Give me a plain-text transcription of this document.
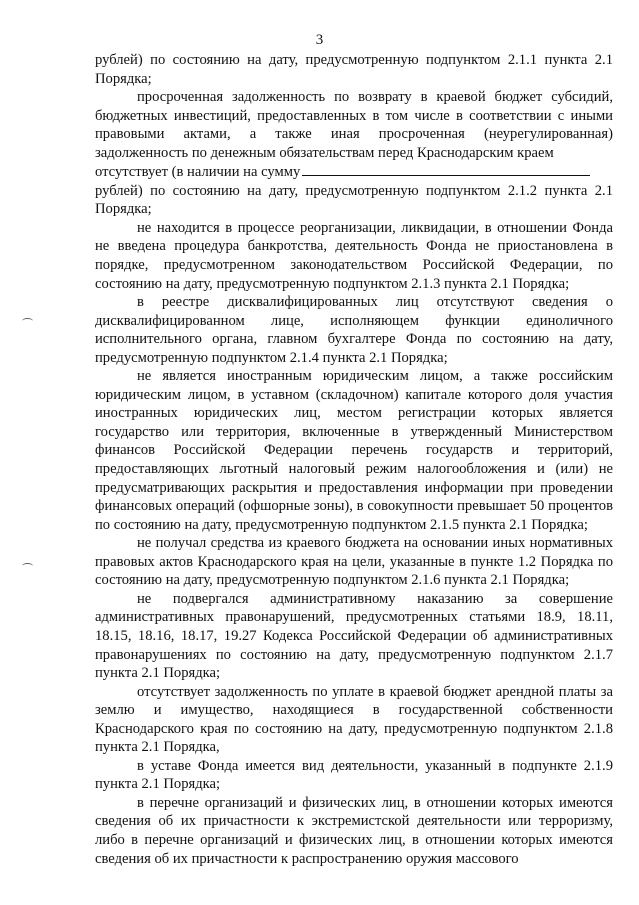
3

рублей) по состоянию на дату, предусмотренную подпунктом 2.1.1 пункта 2.1 Порядка;

просроченная задолженность по возврату в краевой бюджет субсидий, бюджетных инвестиций, предоставленных в том числе в соответствии с иными правовыми актами, а также иная просроченная (неурегулированная) задолженность по денежным обязательствам перед Краснодарским краем

отсутствует (в наличии на сумму

рублей) по состоянию на дату, предусмотренную подпунктом 2.1.2 пункта 2.1 Порядка;

не находится в процессе реорганизации, ликвидации, в отношении Фонда не введена процедура банкротства, деятельность Фонда не приостановлена в порядке, предусмотренном законодательством Российской Федерации, по состоянию на дату, предусмотренную подпунктом 2.1.3 пункта 2.1 Порядка;

в реестре дисквалифицированных лиц отсутствуют сведения о дисквалифицированном лице, исполняющем функции единоличного исполнительного органа, главном бухгалтере Фонда по состоянию на дату, предусмотренную подпунктом 2.1.4 пункта 2.1 Порядка;

не является иностранным юридическим лицом, а также российским юридическим лицом, в уставном (складочном) капитале которого доля участия иностранных юридических лиц, местом регистрации которых является государство или территория, включенные в утвержденный Министерством финансов Российской Федерации перечень государств и территорий, предоставляющих льготный налоговый режим налогообложения и (или) не предусматривающих раскрытия и предоставления информации при проведении финансовых операций (офшорные зоны), в совокупности превышает 50 процентов по состоянию на дату, предусмотренную подпунктом 2.1.5 пункта 2.1 Порядка;

не получал средства из краевого бюджета на основании иных нормативных правовых актов Краснодарского края на цели, указанные в пункте 1.2 Порядка по состоянию на дату, предусмотренную подпунктом 2.1.6 пункта 2.1 Порядка;

не подвергался административному наказанию за совершение административных правонарушений, предусмотренных статьями 18.9, 18.11, 18.15, 18.16, 18.17, 19.27 Кодекса Российской Федерации об административных правонарушениях по состоянию на дату, предусмотренную подпунктом 2.1.7 пункта 2.1 Порядка;

отсутствует задолженность по уплате в краевой бюджет арендной платы за землю и имущество, находящиеся в государственной собственности Краснодарского края по состоянию на дату, предусмотренную подпунктом 2.1.8 пункта 2.1 Порядка,

в уставе Фонда имеется вид деятельности, указанный в подпункте 2.1.9 пункта 2.1 Порядка;

в перечне организаций и физических лиц, в отношении которых имеются сведения об их причастности к экстремистской деятельности или терроризму, либо в перечне организаций и физических лиц, в отношении которых имеются сведения об их причастности к распространению оружия массового
